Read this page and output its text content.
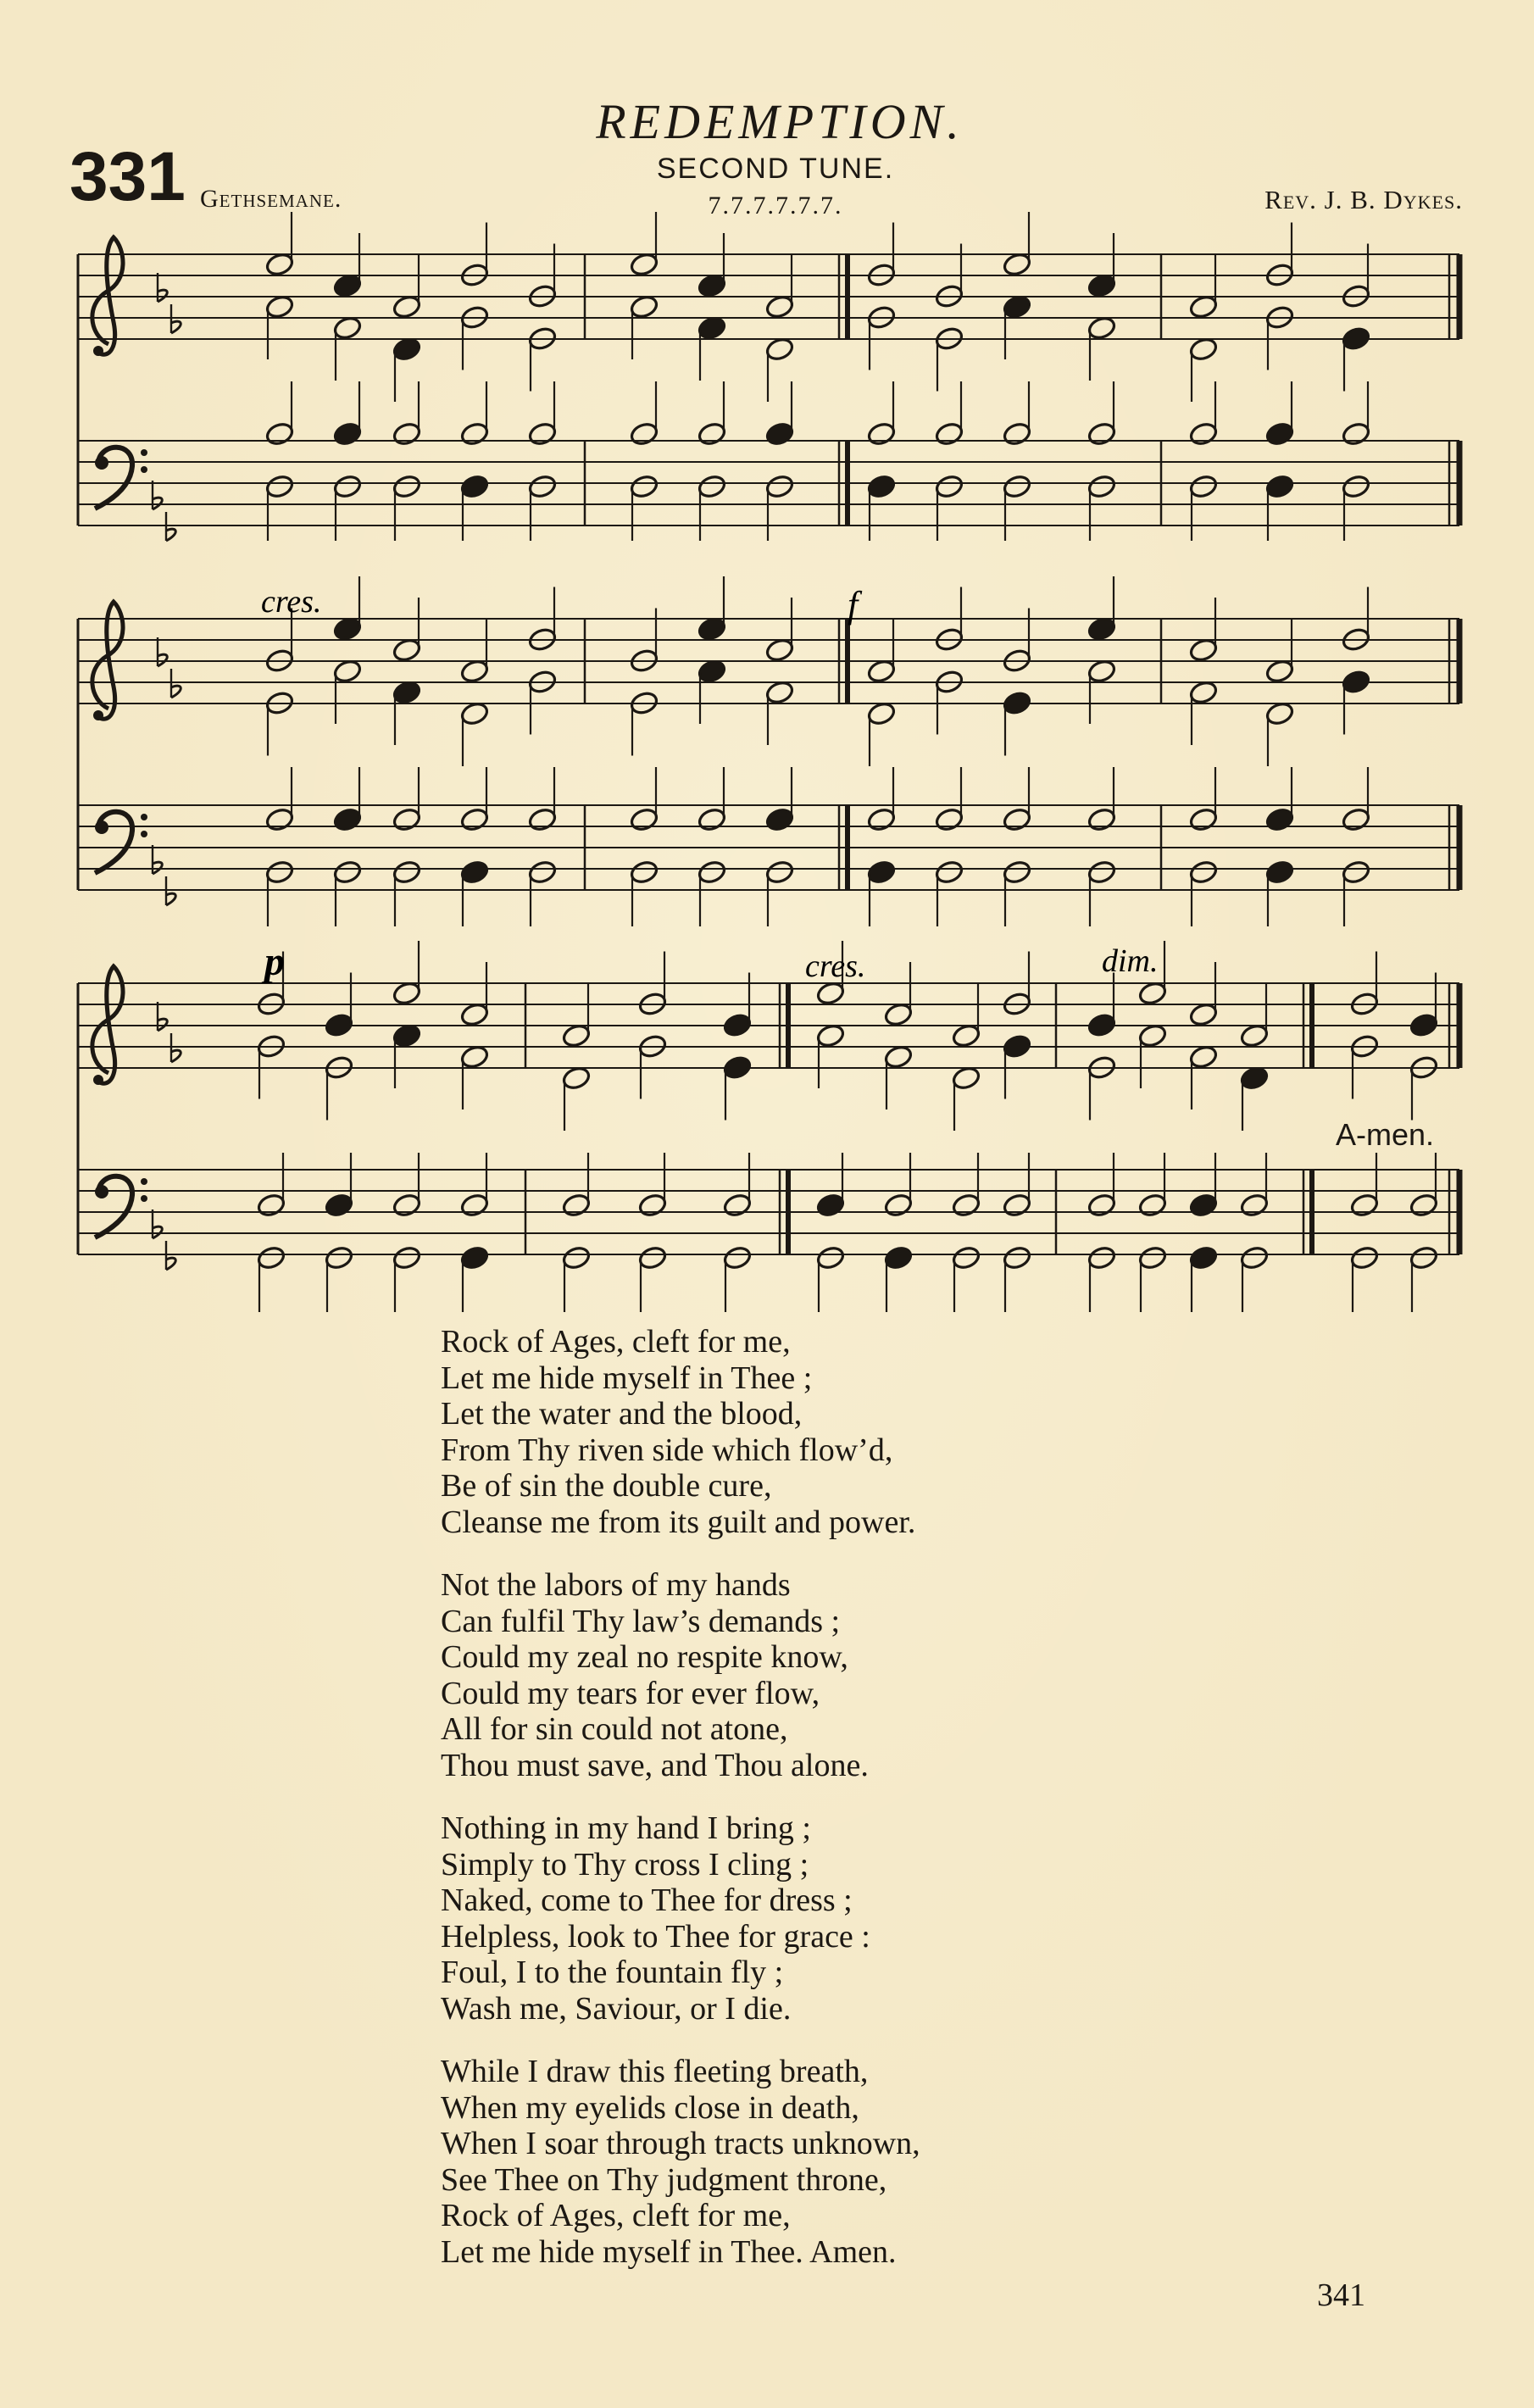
REDEMPTION.
331 Gethsemane.
SECOND TUNE.
7.7.7.7.7.7.	Rev. J. B. Dykes.
cres.	f
p	cres.	dim.
A-men.
Rock of Ages, cleft for me,
Let me hide myself in Thee ;
Let the water and the blood,
From Thy riven side which flow’d,
Be of sin the double cure,
Cleanse me from its guilt and power.
Not the labors of my hands
Can fulfil Thy law’s demands ;
Could my zeal no respite know,
Could my tears for ever flow,
All for sin could not atone,
Thou must save, and Thou alone.
Nothing in my hand I bring ;
Simply to Thy cross I cling ;
Naked, come to Thee for dress ;
Helpless, look to Thee for grace :
Foul, I to the fountain fly ;
Wash me, Saviour, or I die.
While I draw this fleeting breath,
When my eyelids close in death,
When I soar through tracts unknown,
See Thee on Thy judgment throne,
Rock of Ages, cleft for me,
Let me hide myself in Thee. Amen.
341
